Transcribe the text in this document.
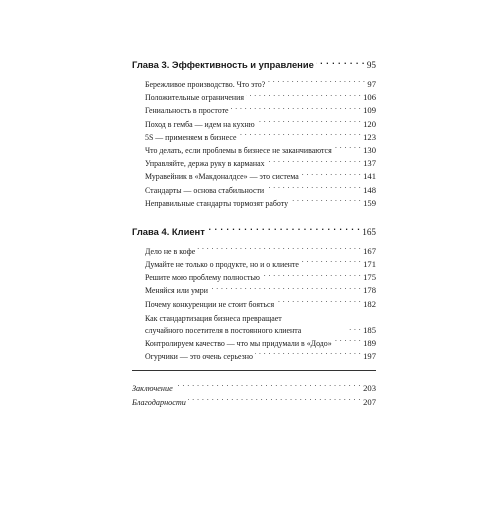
Глава 3. Эффективность и управление . . .	95
Бережливое производство. Что это? . . .	97
Положительные ограничения . . .	106
Гениальность в простоте . . .	109
Поход в гемба — идем на кухню . . .	120
5S — применяем в бизнесе . . .	123
Что делать, если проблемы в бизнесе не заканчиваются . . .	130
Управляйте, держа руку в карманах . . .	137
Муравейник в «Макдоналдсе» — это система . . .	141
Стандарты — основа стабильности . . .	148
Неправильные стандарты тормозят работу . . .	159
Глава 4. Клиент . . .	165
Дело не в кофе . . .	167
Думайте не только о продукте, но и о клиенте . . .	171
Решите мою проблему полностью . . .	175
Меняйся или умри . . .	178
Почему конкуренции не стоит бояться . . .	182
Как стандартизация бизнеса превращает
случайного посетителя в постоянного клиента . . .	185
Контролируем качество — что мы придумали в «Додо» . . .	189
Огурчики — это очень серьезно . . .	197
Заключение . . .	203
Благодарности . . .	207
